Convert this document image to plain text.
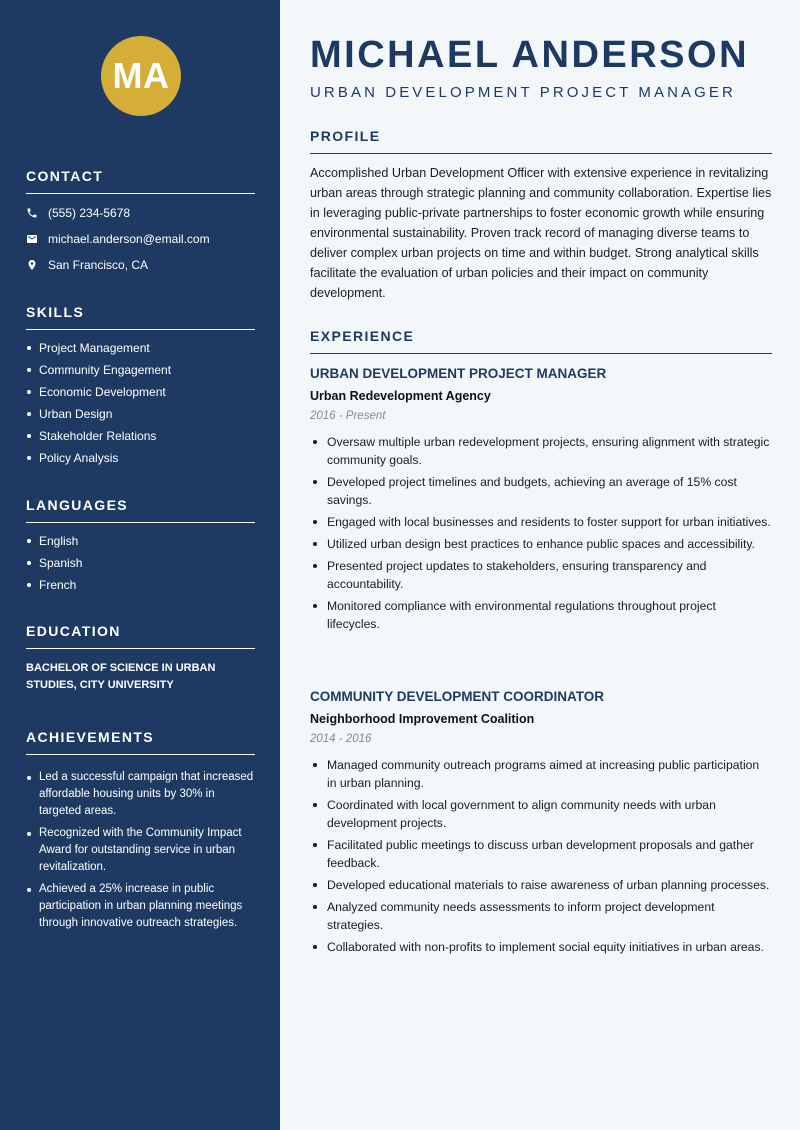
MA
CONTACT
(555) 234-5678
michael.anderson@email.com
San Francisco, CA
SKILLS
Project Management
Community Engagement
Economic Development
Urban Design
Stakeholder Relations
Policy Analysis
LANGUAGES
English
Spanish
French
EDUCATION
BACHELOR OF SCIENCE IN URBAN STUDIES, CITY UNIVERSITY
ACHIEVEMENTS
Led a successful campaign that increased affordable housing units by 30% in targeted areas.
Recognized with the Community Impact Award for outstanding service in urban revitalization.
Achieved a 25% increase in public participation in urban planning meetings through innovative outreach strategies.
MICHAEL ANDERSON
URBAN DEVELOPMENT PROJECT MANAGER
PROFILE

Accomplished Urban Development Officer with extensive experience in revitalizing urban areas through strategic planning and community collaboration. Expertise lies in leveraging public-private partnerships to foster economic growth while ensuring environmental sustainability. Proven track record of managing diverse teams to deliver complex urban projects on time and within budget. Strong analytical skills facilitate the evaluation of urban policies and their impact on community development.

EXPERIENCE
URBAN DEVELOPMENT PROJECT MANAGER
Urban Redevelopment Agency
2016 - Present
Oversaw multiple urban redevelopment projects, ensuring alignment with strategic community goals.
Developed project timelines and budgets, achieving an average of 15% cost savings.
Engaged with local businesses and residents to foster support for urban initiatives.
Utilized urban design best practices to enhance public spaces and accessibility.
Presented project updates to stakeholders, ensuring transparency and accountability.
Monitored compliance with environmental regulations throughout project lifecycles.
COMMUNITY DEVELOPMENT COORDINATOR
Neighborhood Improvement Coalition
2014 - 2016
Managed community outreach programs aimed at increasing public participation in urban planning.
Coordinated with local government to align community needs with urban development projects.
Facilitated public meetings to discuss urban development proposals and gather feedback.
Developed educational materials to raise awareness of urban planning processes.
Analyzed community needs assessments to inform project development strategies.
Collaborated with non-profits to implement social equity initiatives in urban areas.
